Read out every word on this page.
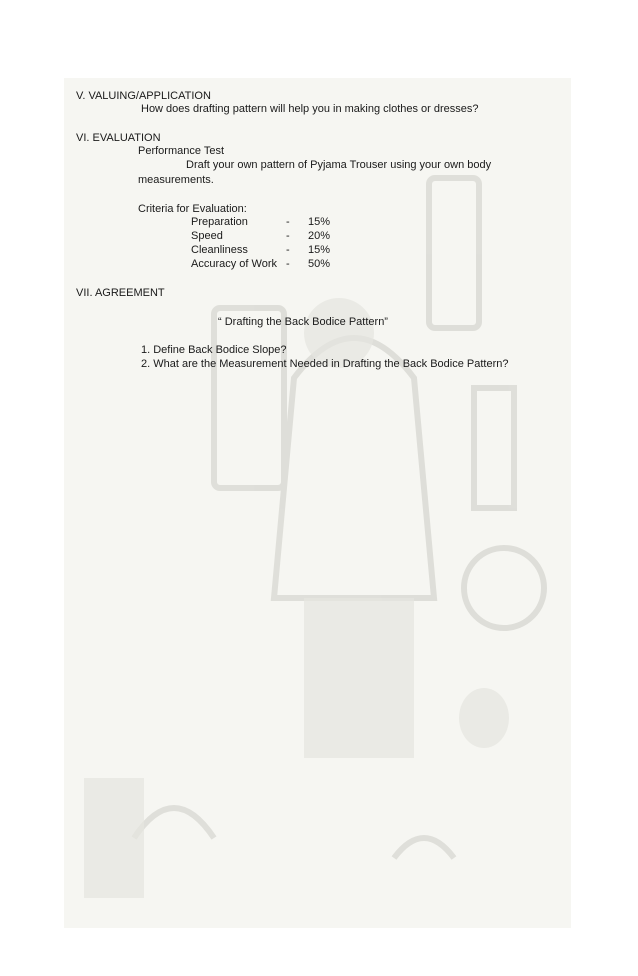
V. VALUING/APPLICATION
How does drafting pattern will help you in making clothes or dresses?
VI. EVALUATION
Performance Test
Draft your own pattern of Pyjama Trouser using your own body
measurements.
Criteria for Evaluation:
Preparation	- 15%
Speed	- 20%
Cleanliness	- 15%
Accuracy of Work - 50%
VII. AGREEMENT
“ Drafting the Back Bodice Pattern”
1. Define Back Bodice Slope?
2. What are the Measurement Needed in Drafting the Back Bodice Pattern?
